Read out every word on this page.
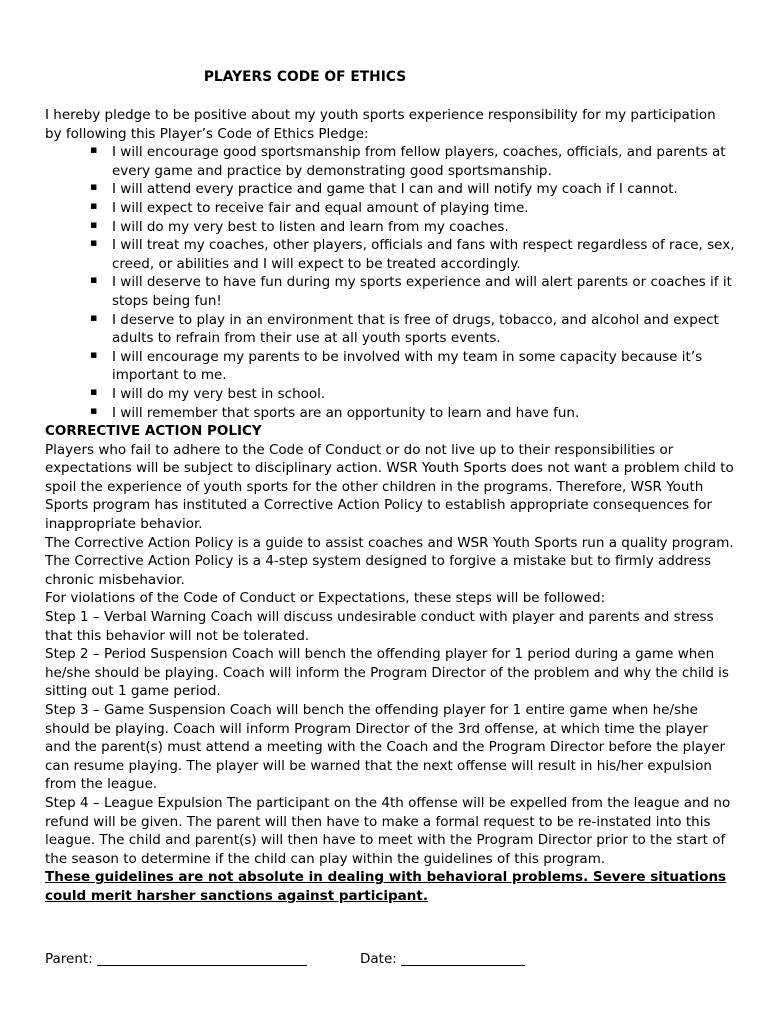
PLAYERS CODE OF ETHICS

I hereby pledge to be positive about my youth sports experience responsibility for my participation by following this Player’s Code of Ethics Pledge:

▪ I will encourage good sportsmanship from fellow players, coaches, officials, and parents at every game and practice by demonstrating good sportsmanship.
▪ I will attend every practice and game that I can and will notify my coach if I cannot.
▪ I will expect to receive fair and equal amount of playing time.
▪ I will do my very best to listen and learn from my coaches.
▪ I will treat my coaches, other players, officials and fans with respect regardless of race, sex, creed, or abilities and I will expect to be treated accordingly.
▪ I will deserve to have fun during my sports experience and will alert parents or coaches if it stops being fun!
▪ I deserve to play in an environment that is free of drugs, tobacco, and alcohol and expect adults to refrain from their use at all youth sports events.
▪ I will encourage my parents to be involved with my team in some capacity because it’s important to me.
▪ I will do my very best in school.
▪ I will remember that sports are an opportunity to learn and have fun.

CORRECTIVE ACTION POLICY

Players who fail to adhere to the Code of Conduct or do not live up to their responsibilities or expectations will be subject to disciplinary action. WSR Youth Sports does not want a problem child to spoil the experience of youth sports for the other children in the programs. Therefore, WSR Youth Sports program has instituted a Corrective Action Policy to establish appropriate consequences for inappropriate behavior.

The Corrective Action Policy is a guide to assist coaches and WSR Youth Sports run a quality program. The Corrective Action Policy is a 4-step system designed to forgive a mistake but to firmly address chronic misbehavior.

For violations of the Code of Conduct or Expectations, these steps will be followed:

Step 1 – Verbal Warning Coach will discuss undesirable conduct with player and parents and stress that this behavior will not be tolerated.

Step 2 – Period Suspension Coach will bench the offending player for 1 period during a game when he/she should be playing. Coach will inform the Program Director of the problem and why the child is sitting out 1 game period.

Step 3 – Game Suspension Coach will bench the offending player for 1 entire game when he/she should be playing. Coach will inform Program Director of the 3rd offense, at which time the player and the parent(s) must attend a meeting with the Coach and the Program Director before the player can resume playing. The player will be warned that the next offense will result in his/her expulsion from the league.

Step 4 – League Expulsion The participant on the 4th offense will be expelled from the league and no refund will be given. The parent will then have to make a formal request to be re-instated into this league. The child and parent(s) will then have to meet with the Program Director prior to the start of the season to determine if the child can play within the guidelines of this program.

These guidelines are not absolute in dealing with behavioral problems. Severe situations could merit harsher sanctions against participant.

Parent:	Date:
